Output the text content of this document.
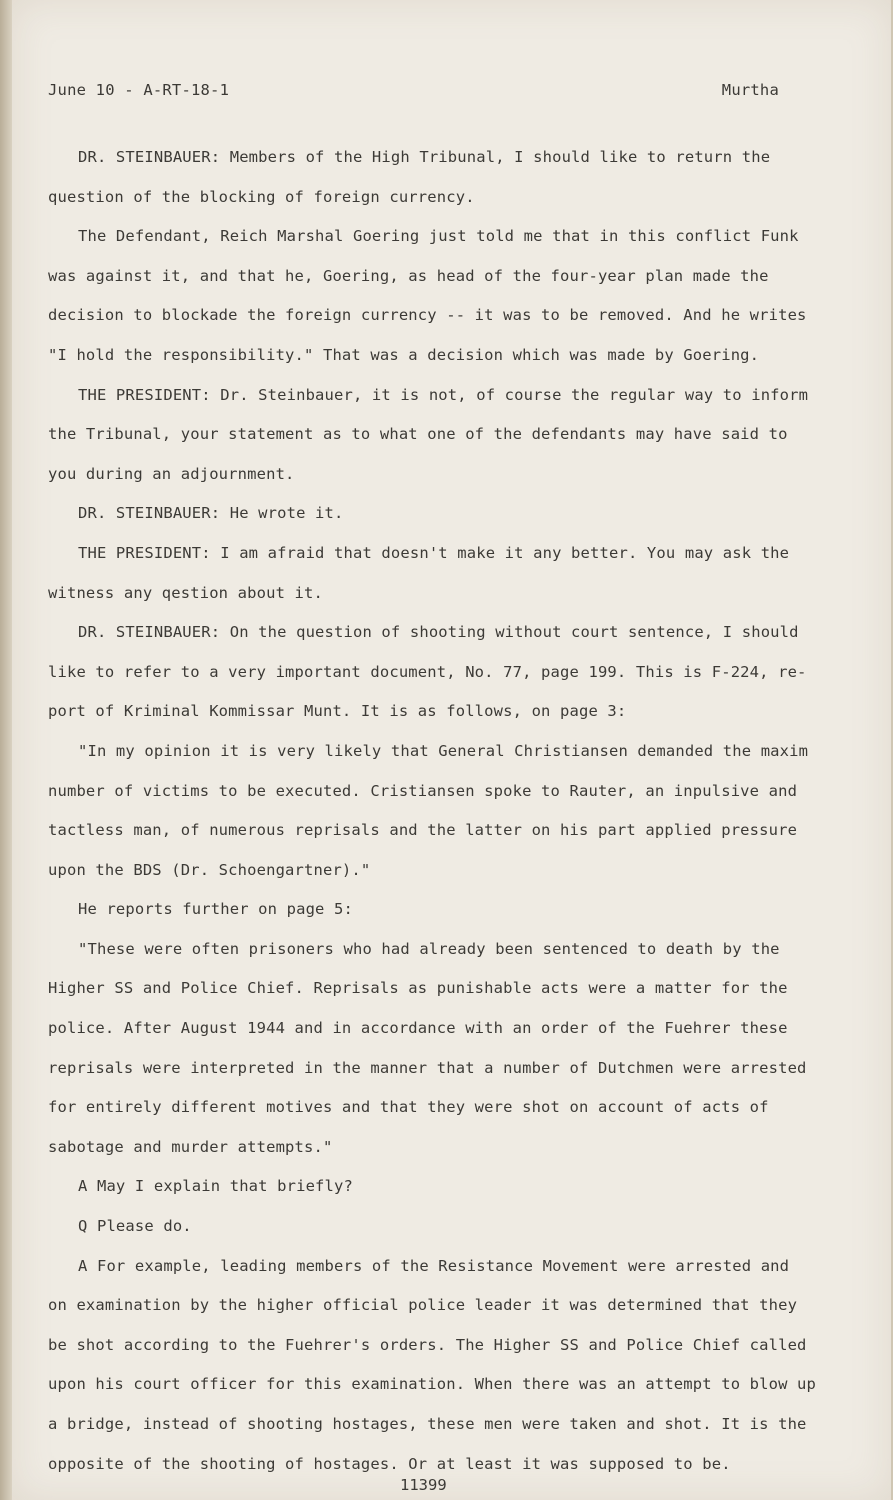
June 10 - A-RT-18-1	Murtha

DR. STEINBAUER: Members of the High Tribunal, I should like to return the

question of the blocking of foreign currency.

The Defendant, Reich Marshal Goering just told me that in this conflict Funk

was against it, and that he, Goering, as head of the four-year plan made the

decision to blockade the foreign currency -- it was to be removed. And he writes

"I hold the responsibility." That was a decision which was made by Goering.

THE PRESIDENT: Dr. Steinbauer, it is not, of course the regular way to inform

the Tribunal, your statement as to what one of the defendants may have said to

you during an adjournment.

DR. STEINBAUER: He wrote it.

THE PRESIDENT: I am afraid that doesn't make it any better. You may ask the

witness any qestion about it.

DR. STEINBAUER: On the question of shooting without court sentence, I should

like to refer to a very important document, No. 77, page 199. This is F-224, re-

port of Kriminal Kommissar Munt. It is as follows, on page 3:

"In my opinion it is very likely that General Christiansen demanded the maxim

number of victims to be executed. Cristiansen spoke to Rauter, an inpulsive and

tactless man, of numerous reprisals and the latter on his part applied pressure

upon the BDS (Dr. Schoengartner)."

He reports further on page 5:

"These were often prisoners who had already been sentenced to death by the

Higher SS and Police Chief. Reprisals as punishable acts were a matter for the

police. After August 1944 and in accordance with an order of the Fuehrer these

reprisals were interpreted in the manner that a number of Dutchmen were arrested

for entirely different motives and that they were shot on account of acts of

sabotage and murder attempts."

A May I explain that briefly?

Q Please do.

A For example, leading members of the Resistance Movement were arrested and

on examination by the higher official police leader it was determined that they

be shot according to the Fuehrer's orders. The Higher SS and Police Chief called

upon his court officer for this examination. When there was an attempt to blow up

a bridge, instead of shooting hostages, these men were taken and shot. It is the

opposite of the shooting of hostages. Or at least it was supposed to be.

11399
